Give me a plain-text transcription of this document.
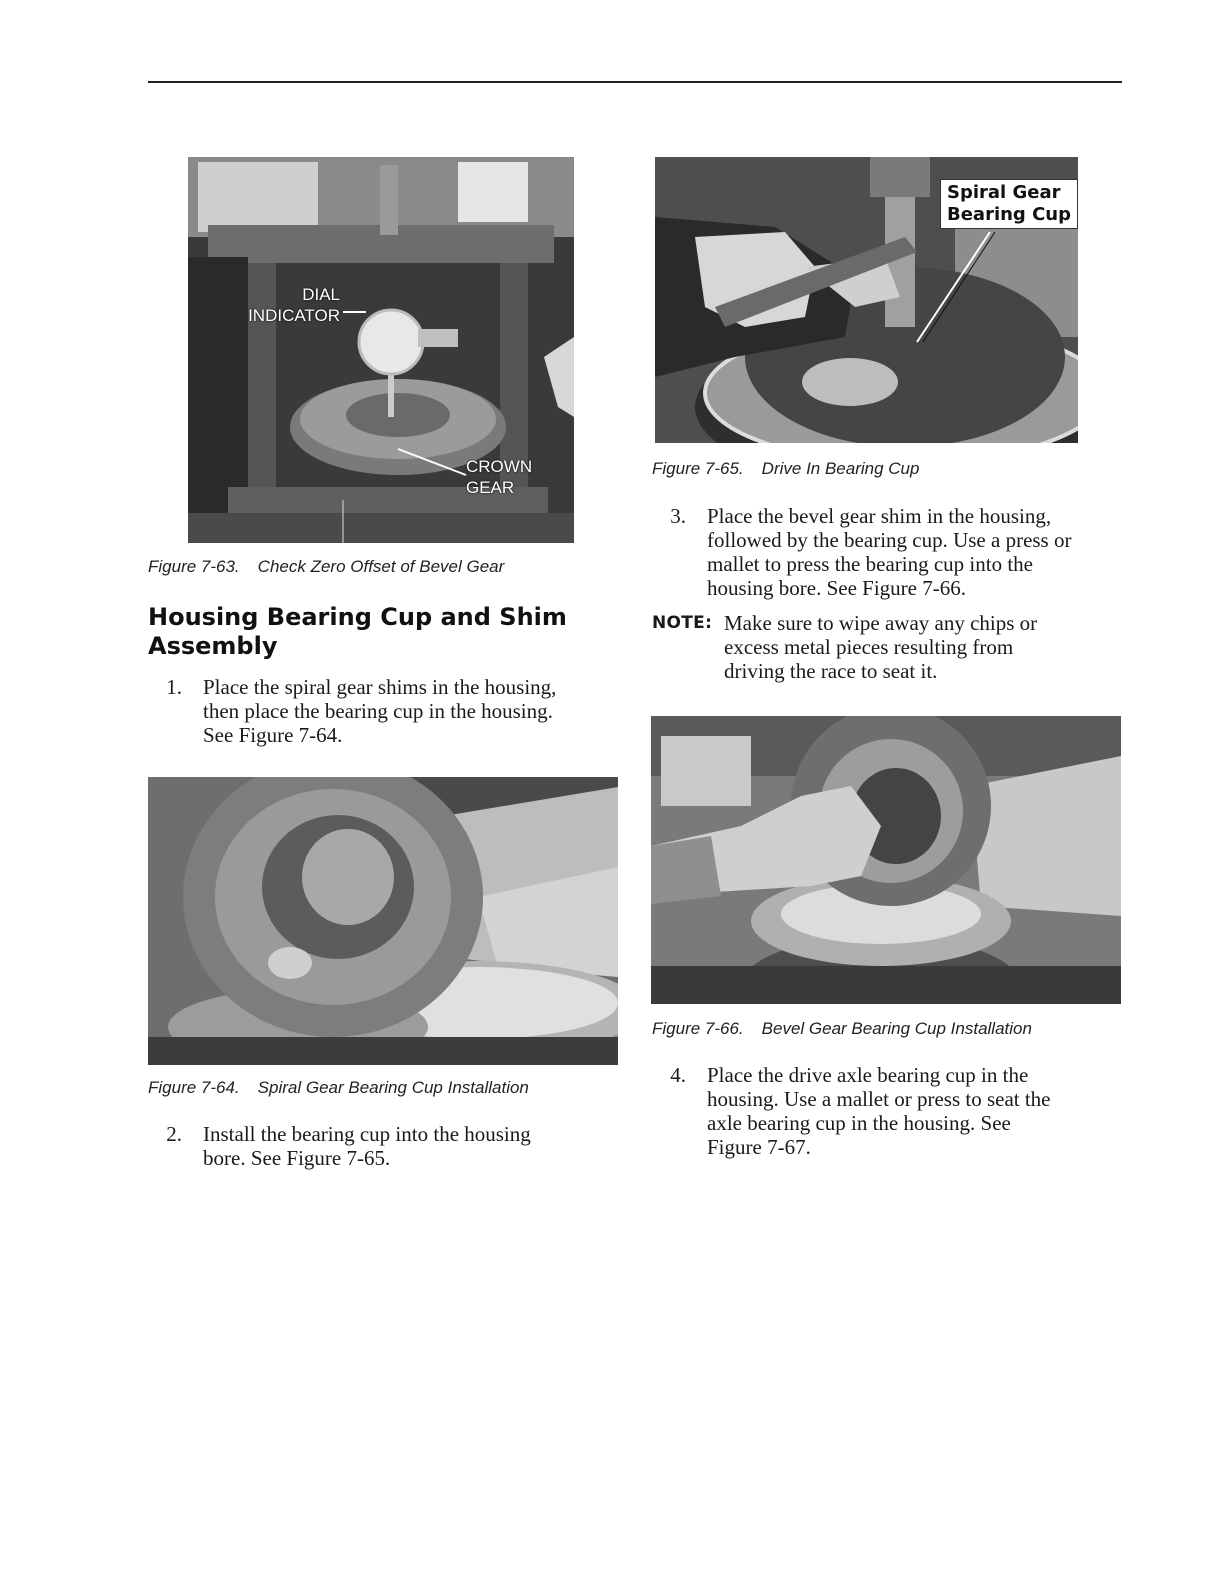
DIAL
INDICATOR
CROWN
GEAR
Figure 7-63. Check Zero Offset of Bevel Gear
Housing Bearing Cup and Shim
Assembly
1. Place the spiral gear shims in the housing,
then place the bearing cup in the housing.
See Figure 7-64.
Figure 7-64. Spiral Gear Bearing Cup Installation
2. Install the bearing cup into the housing
bore. See Figure 7-65.
Spiral Gear
Bearing Cup
Figure 7-65. Drive In Bearing Cup
3. Place the bevel gear shim in the housing,
followed by the bearing cup. Use a press or
mallet to press the bearing cup into the
housing bore. See Figure 7-66.
NOTE: Make sure to wipe away any chips or
excess metal pieces resulting from
driving the race to seat it.
Figure 7-66. Bevel Gear Bearing Cup Installation
4. Place the drive axle bearing cup in the
housing. Use a mallet or press to seat the
axle bearing cup in the housing. See
Figure 7-67.
